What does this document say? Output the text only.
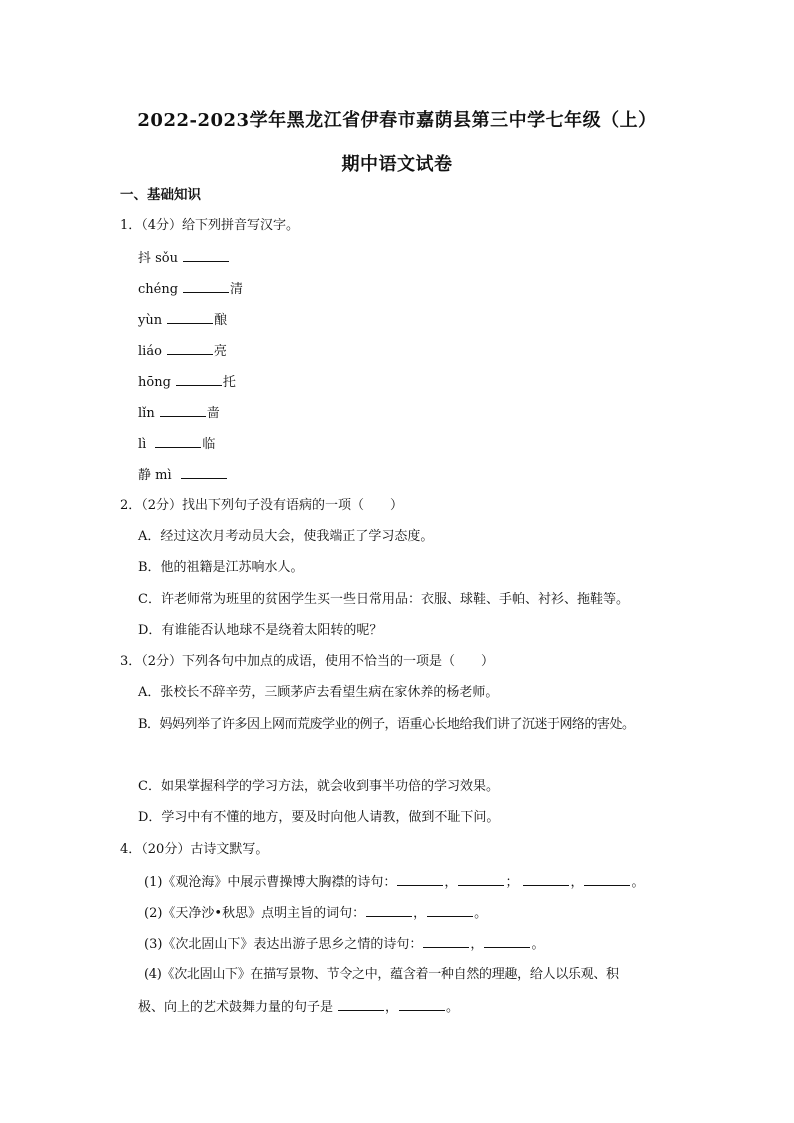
2022-2023学年黑龙江省伊春市嘉荫县第三中学七年级（上）
期中语文试卷
一、基础知识
1．（4分）给下列拼音写汉字。
抖 sǒu
chéng	清
yùn	酿
liáo	亮
hōng	托
lǐn	啬
lì	临
静 mì
2．（2分）找出下列句子没有语病的一项（　　）
A．经过这次月考动员大会，使我端正了学习态度。
B．他的祖籍是江苏响水人。
C．许老师常为班里的贫困学生买一些日常用品：衣服、球鞋、手帕、衬衫、拖鞋等。
D．有谁能否认地球不是绕着太阳转的呢？
3．（2分）下列各句中加点的成语，使用不恰当的一项是（　　）
A．张校长不辞辛劳，三顾茅庐去看望生病在家休养的杨老师。
B．妈妈列举了许多因上网而荒废学业的例子，语重心长地给我们讲了沉迷于网络的害处。
C．如果掌握科学的学习方法，就会收到事半功倍的学习效果。
D．学习中有不懂的地方，要及时向他人请教，做到不耻下问。
4．（20分）古诗文默写。
(1)《观沧海》中展示曹操博大胸襟的诗句：	，	；	，	。
(2)《天净沙•秋思》点明主旨的词句：	，	。
(3)《次北固山下》表达出游子思乡之情的诗句：	，	。
(4)《次北固山下》在描写景物、节令之中，蕴含着一种自然的理趣，给人以乐观、积
极、向上的艺术鼓舞力量的句子是	，	。
